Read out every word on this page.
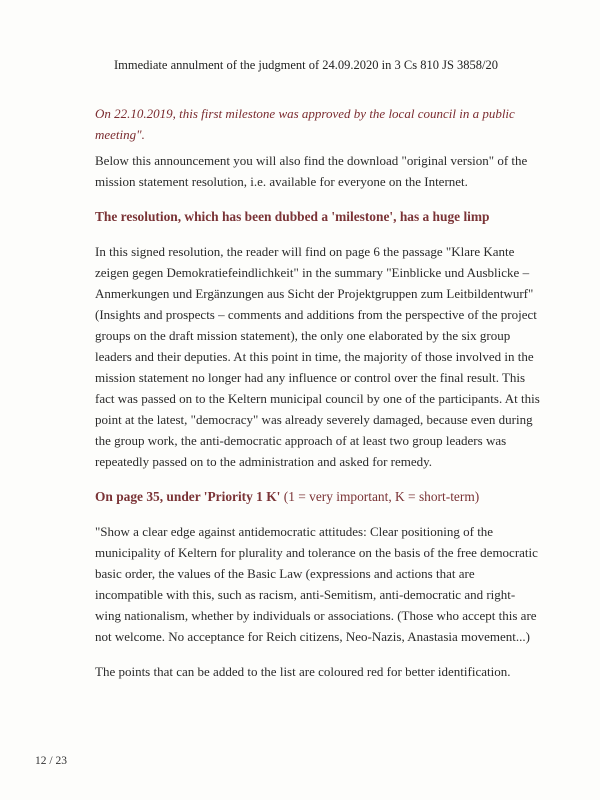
Immediate annulment of the judgment of 24.09.2020 in 3 Cs 810 JS 3858/20

On 22.10.2019, this first milestone was approved by the local council in a public meeting".

Below this announcement you will also find the download "original version" of the mission statement resolution, i.e. available for everyone on the Internet.

The resolution, which has been dubbed a 'milestone', has a huge limp

In this signed resolution, the reader will find on page 6 the passage "Klare Kante zeigen gegen Demokratiefeindlichkeit" in the summary "Einblicke und Ausblicke – Anmerkungen und Ergänzungen aus Sicht der Projektgruppen zum Leitbildentwurf" (Insights and prospects – comments and additions from the perspective of the project groups on the draft mission statement), the only one elaborated by the six group leaders and their deputies. At this point in time, the majority of those involved in the mission statement no longer had any influence or control over the final result. This fact was passed on to the Keltern municipal council by one of the participants. At this point at the latest, "democracy" was already severely damaged, because even during the group work, the anti-democratic approach of at least two group leaders was repeatedly passed on to the administration and asked for remedy.

On page 35, under 'Priority 1 K' (1 = very important, K = short-term)

"Show a clear edge against antidemocratic attitudes: Clear positioning of the municipality of Keltern for plurality and tolerance on the basis of the free democratic basic order, the values of the Basic Law (expressions and actions that are incompatible with this, such as racism, anti-Semitism, anti-democratic and right-wing nationalism, whether by individuals or associations. (Those who accept this are not welcome. No acceptance for Reich citizens, Neo-Nazis, Anastasia movement...)

The points that can be added to the list are coloured red for better identification.

12 / 23
